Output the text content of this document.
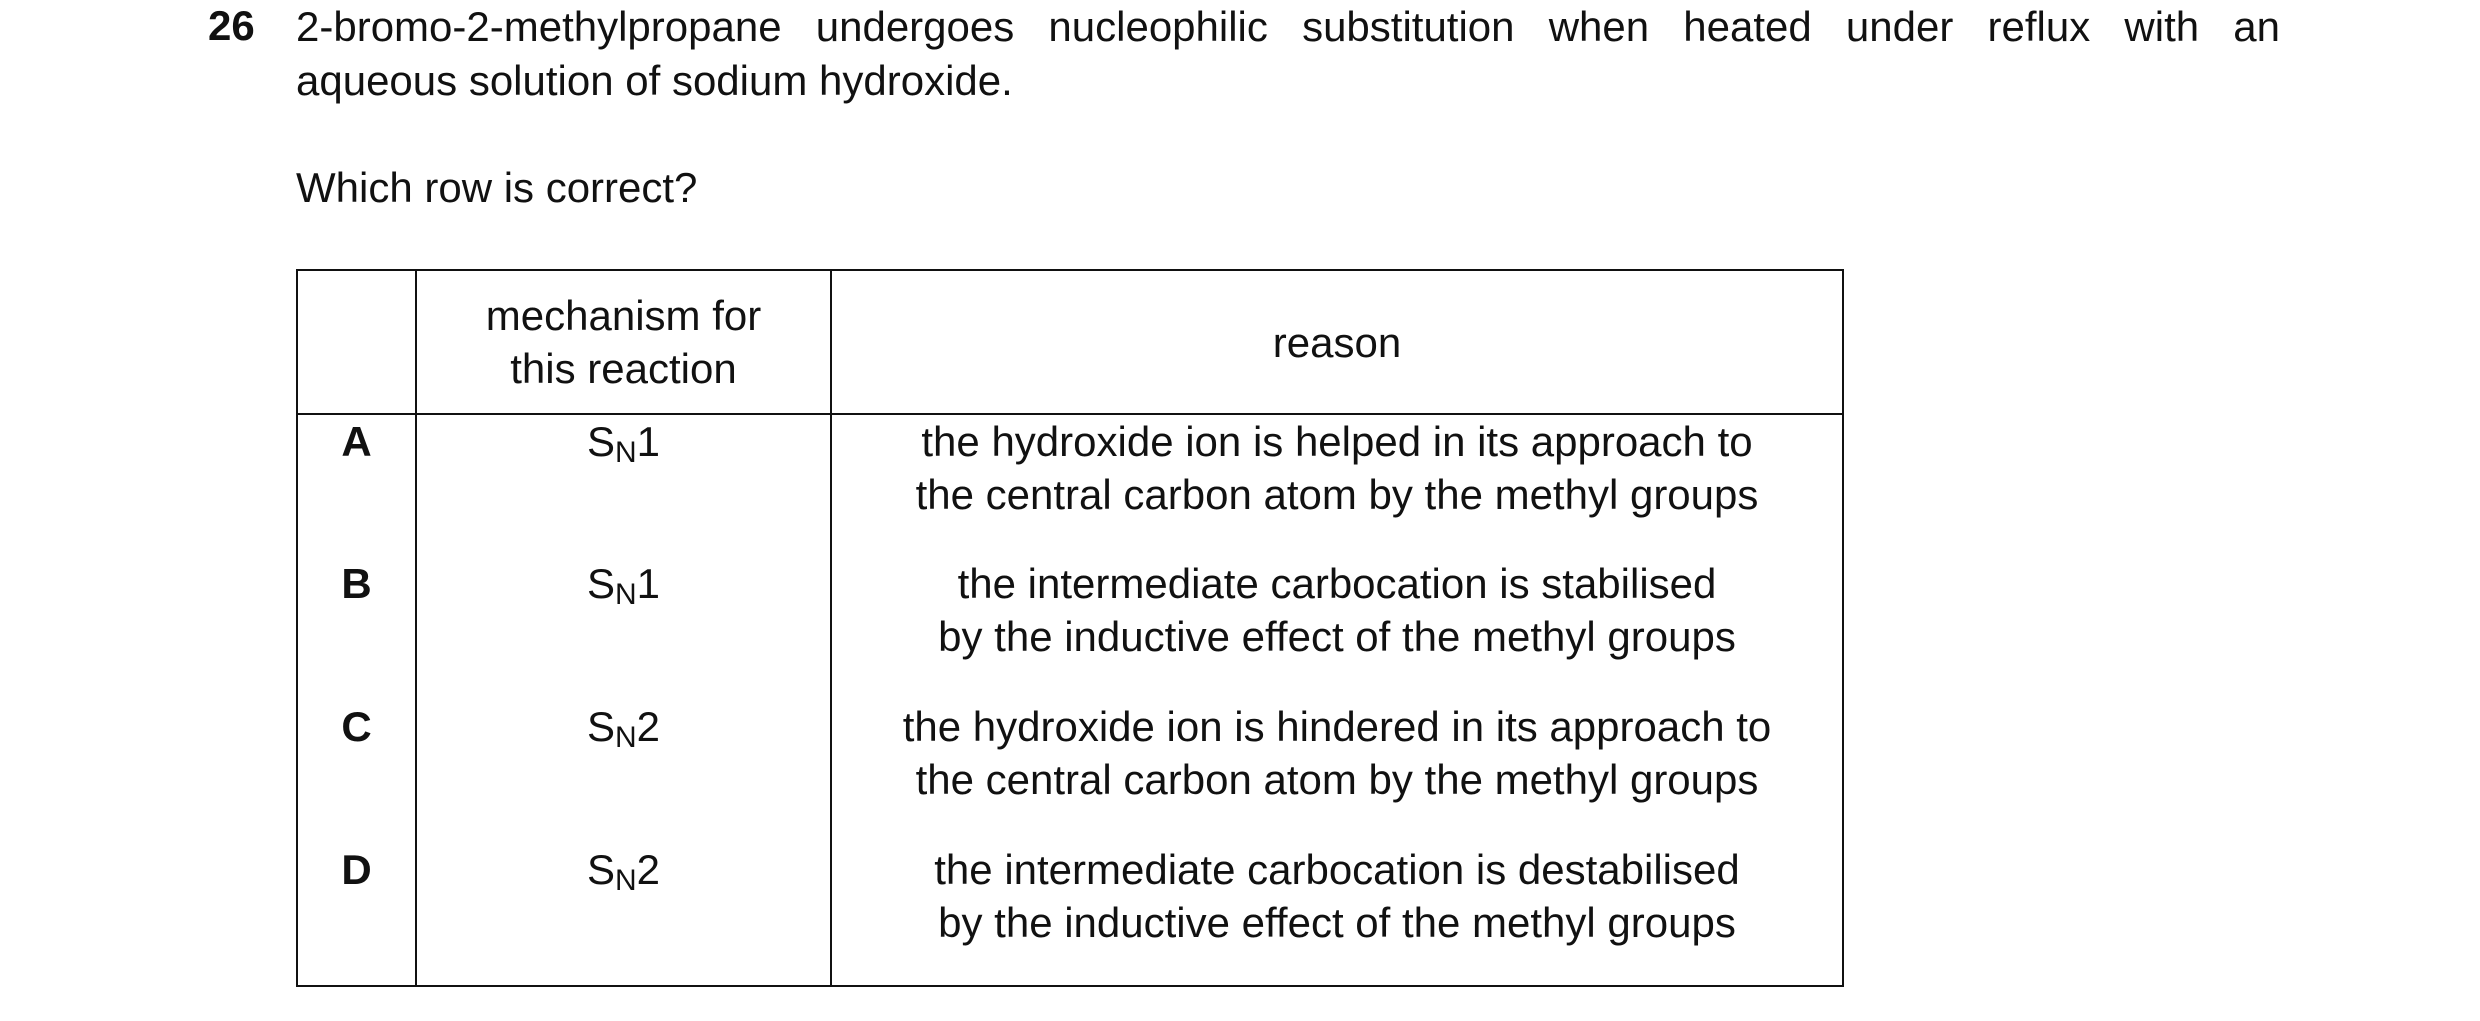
26 2-bromo-2-methylpropane undergoes nucleophilic substitution when heated under reflux with an
aqueous solution of sodium hydroxide.
Which row is correct?

	mechanism for
this reaction	reason
A	$S_N1$	the hydroxide ion is helped in its approach to
the central carbon atom by the methyl groups

B	$S_N1$	the intermediate carbocation is stabilised
by the inductive effect of the methyl groups

C	$S_N2$	the hydroxide ion is hindered in its approach to
the central carbon atom by the methyl groups

D	$S_N2$	the intermediate carbocation is destabilised
by the inductive effect of the methyl groups
